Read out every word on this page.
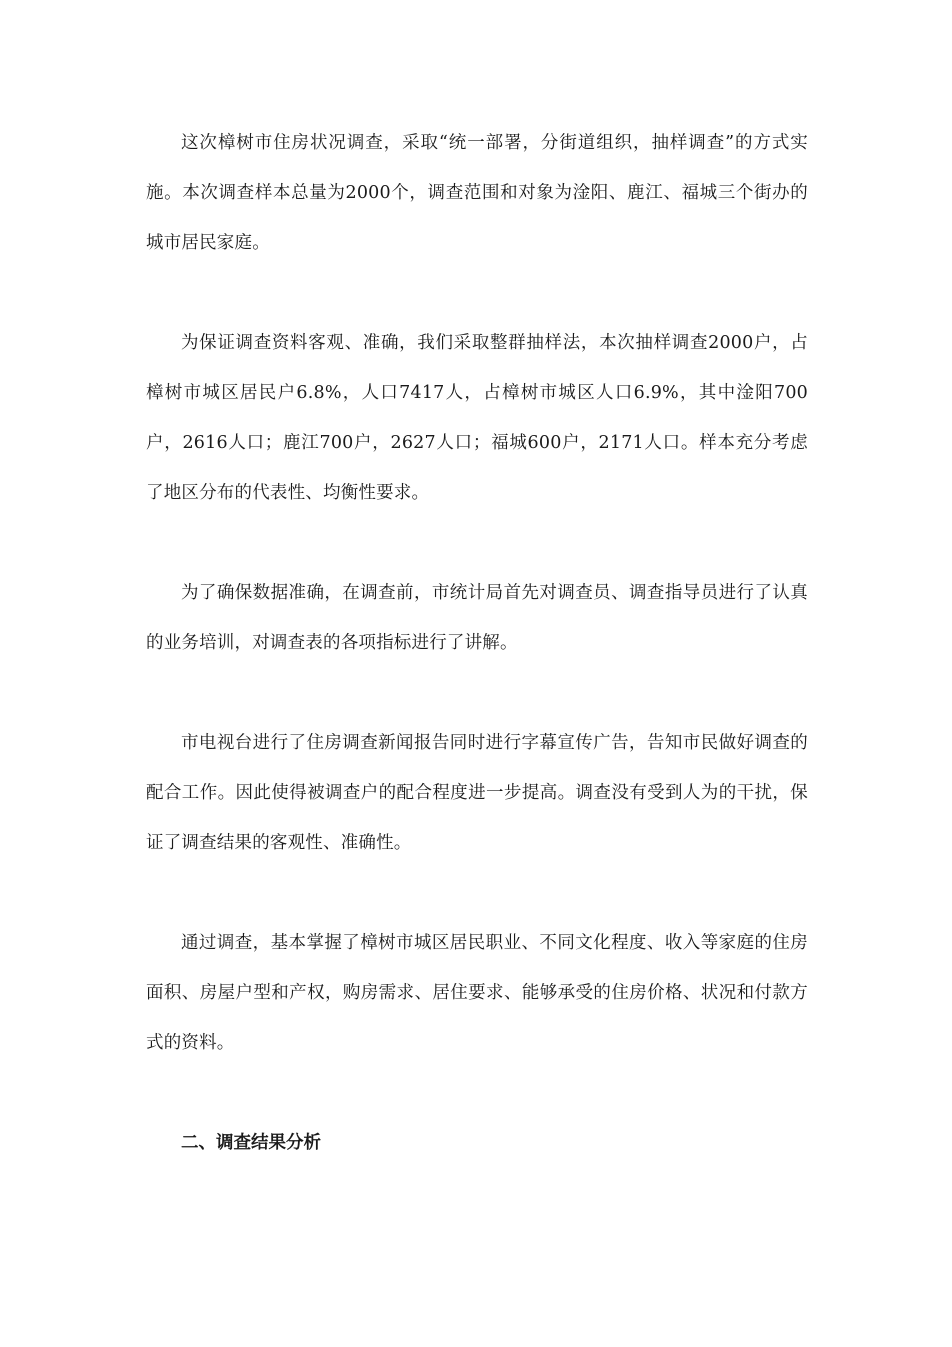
这次樟树市住房状况调查，采取“统一部署，分街道组织，抽样调查”的方式实施。本次调查样本总量为2000个，调查范围和对象为淦阳、鹿江、福城三个街办的城市居民家庭。

为保证调查资料客观、准确，我们采取整群抽样法，本次抽样调查2000户，占樟树市城区居民户6.8%，人口7417人，占樟树市城区人口6.9%，其中淦阳700户，2616人口；鹿江700户，2627人口；福城600户，2171人口。样本充分考虑了地区分布的代表性、均衡性要求。

为了确保数据准确，在调查前，市统计局首先对调查员、调查指导员进行了认真的业务培训，对调查表的各项指标进行了讲解。

市电视台进行了住房调查新闻报告同时进行字幕宣传广告，告知市民做好调查的配合工作。因此使得被调查户的配合程度进一步提高。调查没有受到人为的干扰，保证了调查结果的客观性、准确性。

通过调查，基本掌握了樟树市城区居民职业、不同文化程度、收入等家庭的住房面积、房屋户型和产权，购房需求、居住要求、能够承受的住房价格、状况和付款方式的资料。

二、调查结果分析
